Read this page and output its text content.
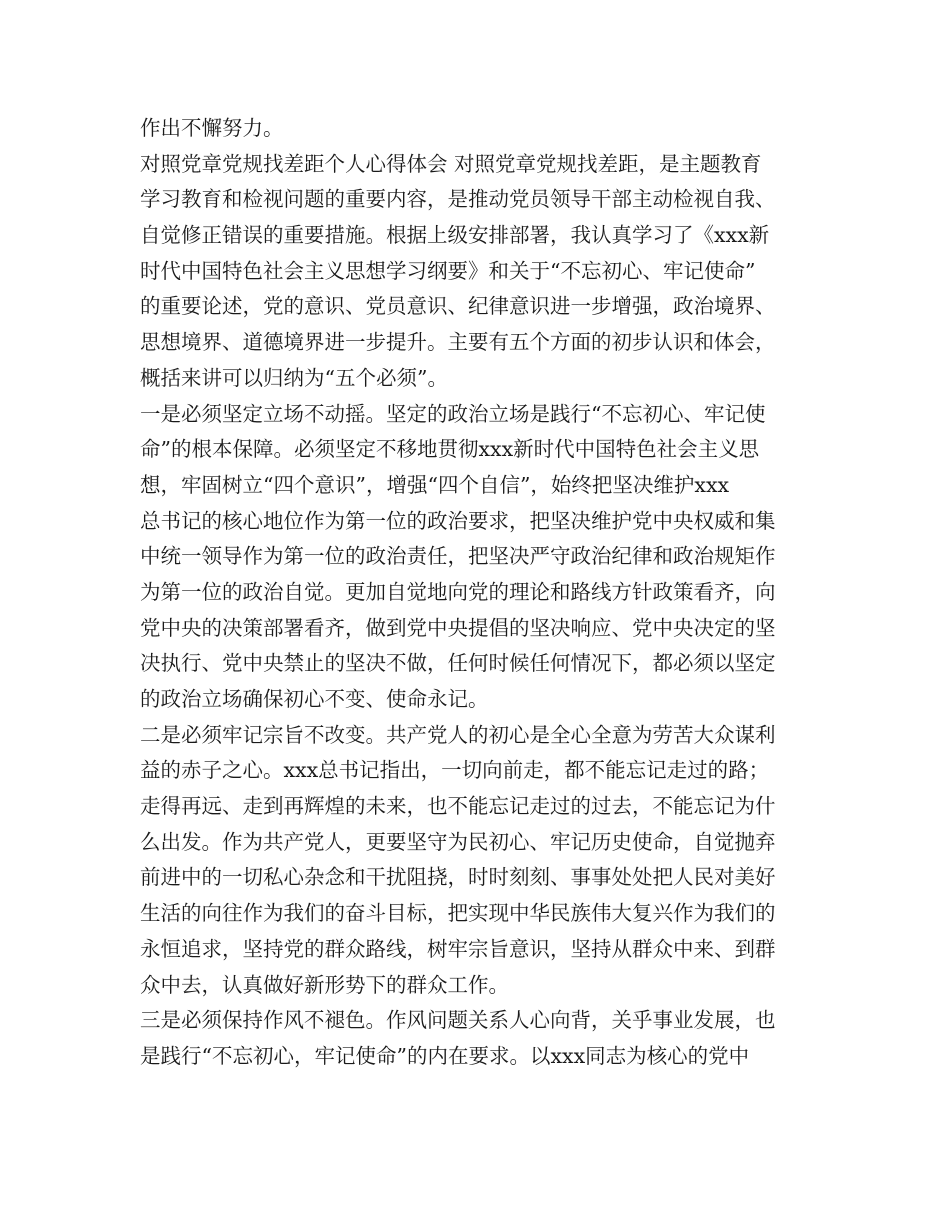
作出不懈努力。
对照党章党规找差距个人心得体会 对照党章党规找差距，是主题教育
学习教育和检视问题的重要内容，是推动党员领导干部主动检视自我、
自觉修正错误的重要措施。根据上级安排部署，我认真学习了《xxx新
时代中国特色社会主义思想学习纲要》和关于“不忘初心、牢记使命”
的重要论述，党的意识、党员意识、纪律意识进一步增强，政治境界、
思想境界、道德境界进一步提升。主要有五个方面的初步认识和体会，
概括来讲可以归纳为“五个必须”。
一是必须坚定立场不动摇。坚定的政治立场是践行“不忘初心、牢记使
命”的根本保障。必须坚定不移地贯彻xxx新时代中国特色社会主义思
想，牢固树立“四个意识”，增强“四个自信”，始终把坚决维护xxx
总书记的核心地位作为第一位的政治要求，把坚决维护党中央权威和集
中统一领导作为第一位的政治责任，把坚决严守政治纪律和政治规矩作
为第一位的政治自觉。更加自觉地向党的理论和路线方针政策看齐，向
党中央的决策部署看齐，做到党中央提倡的坚决响应、党中央决定的坚
决执行、党中央禁止的坚决不做，任何时候任何情况下，都必须以坚定
的政治立场确保初心不变、使命永记。
二是必须牢记宗旨不改变。共产党人的初心是全心全意为劳苦大众谋利
益的赤子之心。xxx总书记指出，一切向前走，都不能忘记走过的路；
走得再远、走到再辉煌的未来，也不能忘记走过的过去，不能忘记为什
么出发。作为共产党人，更要坚守为民初心、牢记历史使命，自觉抛弃
前进中的一切私心杂念和干扰阻挠，时时刻刻、事事处处把人民对美好
生活的向往作为我们的奋斗目标，把实现中华民族伟大复兴作为我们的
永恒追求，坚持党的群众路线，树牢宗旨意识，坚持从群众中来、到群
众中去，认真做好新形势下的群众工作。
三是必须保持作风不褪色。作风问题关系人心向背，关乎事业发展，也
是践行“不忘初心，牢记使命”的内在要求。以xxx同志为核心的党中
